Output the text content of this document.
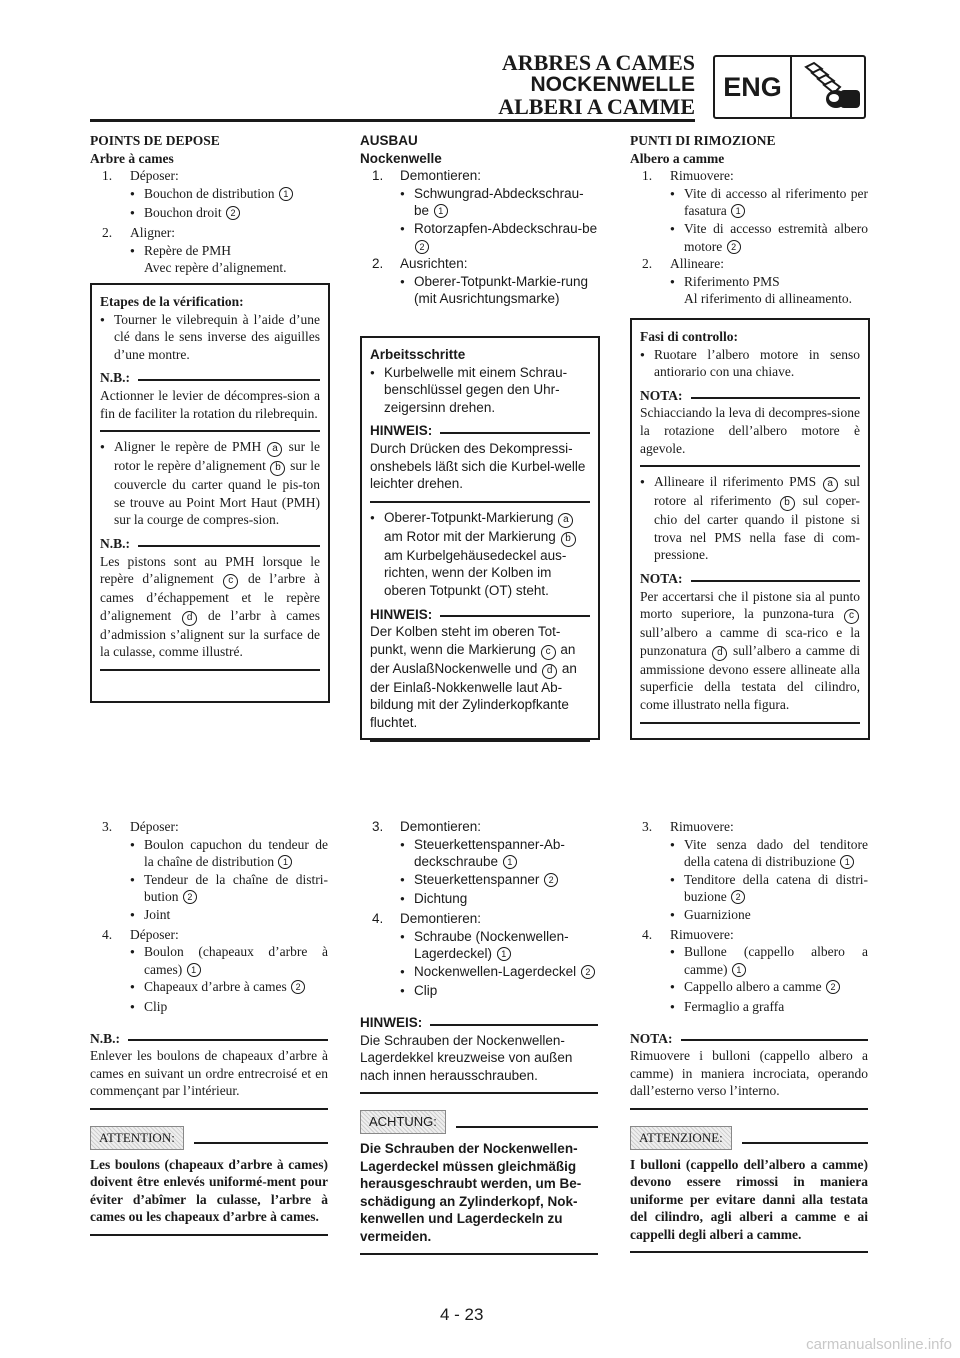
ARBRES A CAMES
NOCKENWELLE
ALBERI A CAMME
ENG

POINTS DE DEPOSE

Arbre à cames

1.	Déposer:
●
Bouchon de distribution 1
●
Bouchon droit 2
2.	Aligner:
●
Repère de PMH
Avec repère d’alignement.

Etapes de la vérification:

●
Tourner le vilebrequin à l’aide d’une clé dans le sens inverse des aiguilles d’une montre.
N.B.:

Actionner le levier de décompres-sion a fin de faciliter la rotation du rilebrequin.

●
Aligner le repère de PMH a sur le rotor le repère d’alignement b sur le couvercle du carter quand le pis-ton se trouve au Point Mort Haut (PMH) sur la courge de compres-sion.
N.B.:

Les pistons sont au PMH lorsque le repère d’alignement c de l’arbre à cames d’échappement et le repère d’alignement d de l’arbr à cames d’admission s’alignent sur la surface de la culasse, comme illustré.

AUSBAU

Nockenwelle

1.	Demontieren:
●
Schwungrad-Abdeckschrau-be 1
●
Rotorzapfen-Abdeckschrau-be 2
2.	Ausrichten:
●
Oberer-Totpunkt-Markie-rung
(mit Ausrichtungsmarke)

Arbeitsschritte

●
Kurbelwelle mit einem Schrau-benschlüssel gegen den Uhr-zeigersinn drehen.
HINWEIS:

Durch Drücken des Dekompressi-onshebels läßt sich die Kurbel-welle leichter drehen.

●
Oberer-Totpunkt-Markierung a am Rotor mit der Markierung b am Kurbelgehäusedeckel aus-richten, wenn der Kolben im oberen Totpunkt (OT) steht.
HINWEIS:

Der Kolben steht im oberen Tot-punkt, wenn die Markierung c an der AuslaßNockenwelle und d an der Einlaß-Nokkenwelle laut Ab-bildung mit der Zylinderkopfkante fluchtet.

PUNTI DI RIMOZIONE

Albero a camme

1.	Rimuovere:
●
Vite di accesso al riferimento per fasatura 1
●
Vite di accesso estremità albero motore 2
2.	Allineare:
●
Riferimento PMS
Al riferimento di allineamento.

Fasi di controllo:

●
Ruotare l’albero motore in senso antiorario con una chiave.
NOTA:

Schiacciando la leva di decompres-sione la rotazione dell’albero motore è agevole.

●
Allineare il riferimento PMS a sul rotore al riferimento b sul coper-chio del carter quando il pistone si trova nel PMS nella fase di com-pressione.
NOTA:

Per accertarsi che il pistone sia al punto morto superiore, la punzona-tura c sull’albero a camme di sca-rico e la punzonatura d sull’albero a camme di ammissione devono essere allineate alla superficie della testata del cilindro, come illustrato nella figura.

3.	Déposer:
●
Boulon capuchon du tendeur de la chaîne de distribution 1
●
Tendeur de la chaîne de distri-bution 2
●
Joint
4.	Déposer:
●
Boulon (chapeaux d’arbre à cames) 1
●
Chapeaux d’arbre à cames 2
●
Clip
N.B.:

Enlever les boulons de chapeaux d’arbre à cames en suivant un ordre entrecroisé et en commençant par l’intérieur.

ATTENTION:

Les boulons (chapeaux d’arbre à cames) doivent être enlevés uniformé-ment pour éviter d’abîmer la culasse, l’arbre à cames ou les chapeaux d’arbre à cames.

3.	Demontieren:
●
Steuerkettenspanner-Ab-deckschraube 1
●
Steuerkettenspanner 2
●
Dichtung
4.	Demontieren:
●
Schraube (Nockenwellen-Lagerdeckel) 1
●
Nockenwellen-Lagerdeckel 2
●
Clip
HINWEIS:

Die Schrauben der Nockenwellen-Lagerdekkel kreuzweise von außen nach innen herausschrauben.

ACHTUNG:

Die Schrauben der Nockenwellen-Lagerdeckel müssen gleichmäßig herausgeschraubt werden, um Be-schädigung an Zylinderkopf, Nok-kenwellen und Lagerdeckeln zu vermeiden.

3.	Rimuovere:
●
Vite senza dado del tenditore della catena di distribuzione 1
●
Tenditore della catena di distri-buzione 2
●
Guarnizione
4.	Rimuovere:
●
Bullone (cappello albero a camme) 1
●
Cappello albero a camme 2
●
Fermaglio a graffa
NOTA:

Rimuovere i bulloni (cappello albero a camme) in maniera incrociata, operando dall’esterno verso l’interno.

ATTENZIONE:

I bulloni (cappello dell’albero a camme) devono essere rimossi in maniera uniforme per evitare danni alla testata del cilindro, agli alberi a camme e ai cappelli degli alberi a camme.

4 - 23
carmanualsonline.info
